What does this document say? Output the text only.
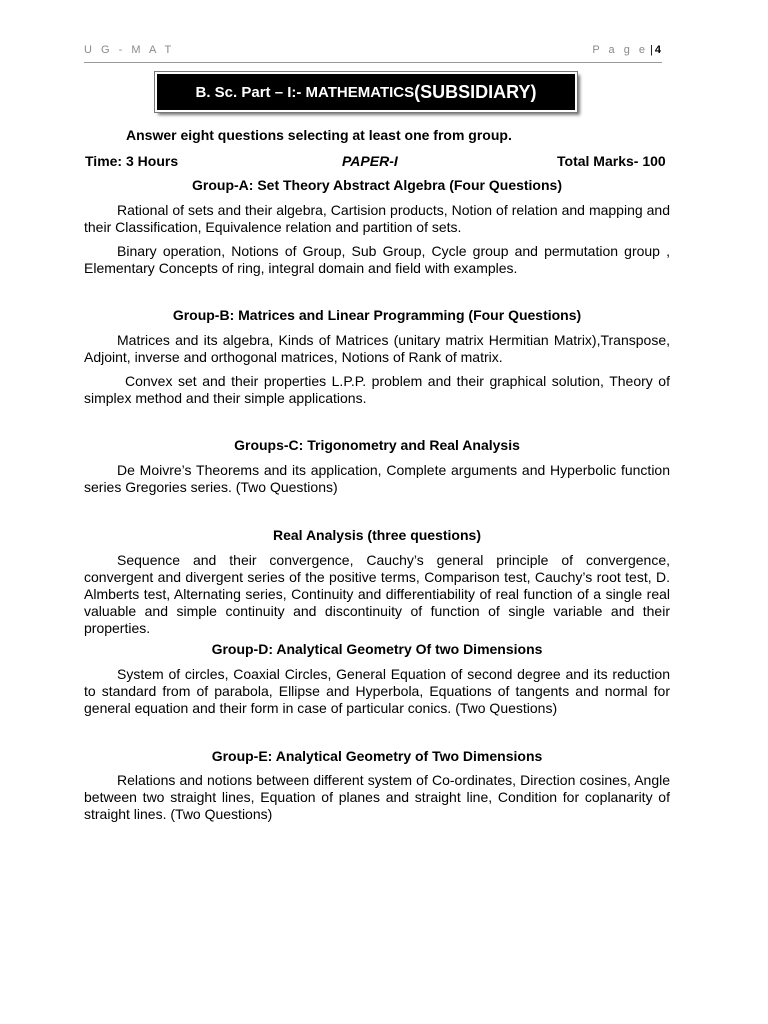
U G - M A T	P a g e | 4
B. Sc. Part – I:- MATHEMATICS (SUBSIDIARY)
Answer eight questions selecting at least one from group.
Time: 3 Hours	PAPER-I	Total Marks- 100
Group-A: Set Theory Abstract Algebra (Four Questions)
Rational of sets and their algebra, Cartision products, Notion of relation and mapping and their Classification, Equivalence relation and partition of sets.
Binary operation, Notions of Group, Sub Group, Cycle group and permutation group , Elementary Concepts of ring, integral domain and field with examples.
Group-B: Matrices and Linear Programming (Four Questions)
Matrices and its algebra, Kinds of Matrices (unitary matrix Hermitian Matrix),Transpose, Adjoint, inverse and orthogonal matrices, Notions of Rank of matrix.
Convex set and their properties L.P.P. problem and their graphical solution, Theory of simplex method and their simple applications.
Groups-C: Trigonometry and Real Analysis
De Moivre’s Theorems and its application, Complete arguments and Hyperbolic function series Gregories series. (Two Questions)
Real Analysis (three questions)
Sequence and their convergence, Cauchy’s general principle of convergence, convergent and divergent series of the positive terms, Comparison test, Cauchy’s root test, D. Almberts test, Alternating series, Continuity and differentiability of real function of a single real valuable and simple continuity and discontinuity of function of single variable and their properties.
Group-D: Analytical Geometry Of two Dimensions
System of circles, Coaxial Circles, General Equation of second degree and its reduction to standard from of parabola, Ellipse and Hyperbola, Equations of tangents and normal for general equation and their form in case of particular conics. (Two Questions)
Group-E: Analytical Geometry of Two Dimensions
Relations and notions between different system of Co-ordinates, Direction cosines, Angle between two straight lines, Equation of planes and straight line, Condition for coplanarity of straight lines. (Two Questions)
